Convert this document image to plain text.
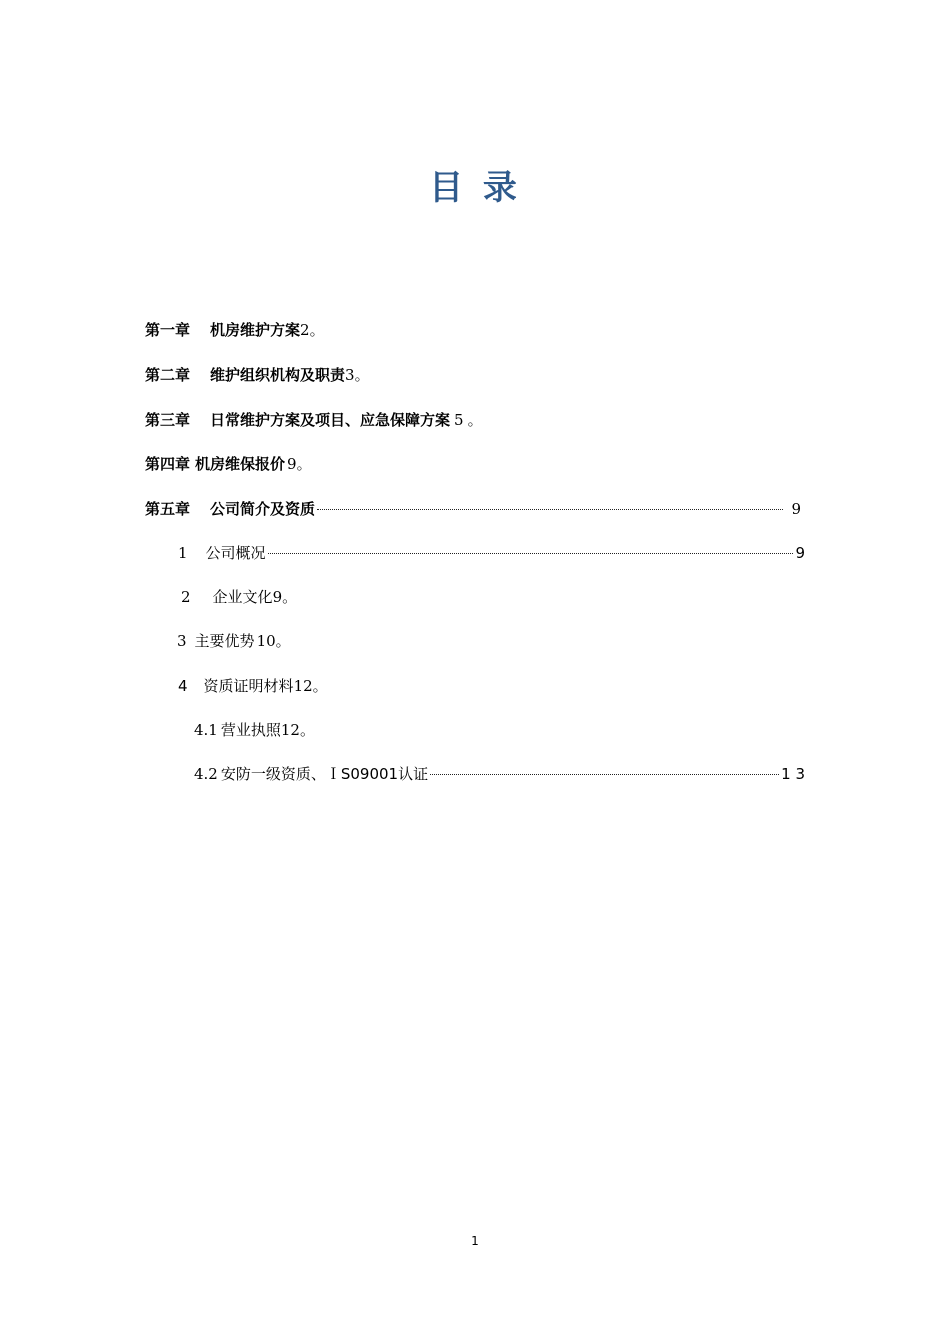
目 录
第一章 机房维护方案 2 。
第二章 维护组织机构及职责 3 。
第三章 日常维护方案及项目、应急保障方案 5 。
第四章 机房维保报价 9 。
第五章 公司简介及资质	9
1 公司概况	9
2 企业文化 9 。
3 主要优势 10 。
4 资质证明材料 12 。
4.1 营业执照 12 。
4.2 安防一级资质、ＩS09001认证	1 3
1
